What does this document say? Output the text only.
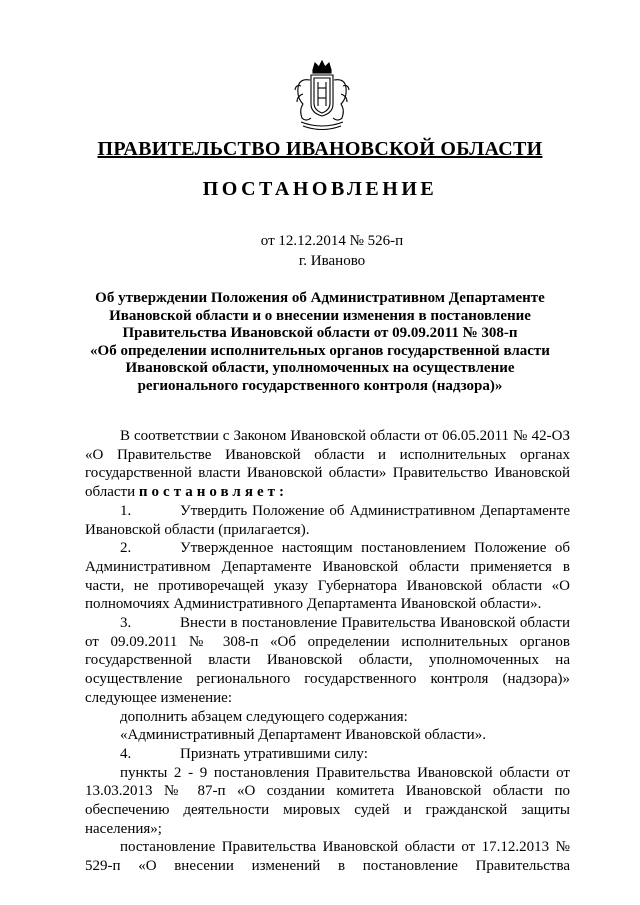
ПРАВИТЕЛЬСТВО ИВАНОВСКОЙ ОБЛАСТИ
ПОСТАНОВЛЕНИЕ
от 12.12.2014 № 526-п
г. Иваново
Об утверждении Положения об Административном Департаменте
Ивановской области и о внесении изменения в постановление
Правительства Ивановской области от 09.09.2011 № 308-п
«Об определении исполнительных органов государственной власти
Ивановской области, уполномоченных на осуществление
регионального государственного контроля (надзора)»

В соответствии с Законом Ивановской области от 06.05.2011 № 42-ОЗ «О Правительстве Ивановской области и исполнительных органах государственной власти Ивановской области» Правительство Ивановской области постановляет:

1.	Утвердить Положение об Административном Департаменте Ивановской области (прилагается).

2.	Утвержденное настоящим постановлением Положение об Административном Департаменте Ивановской области применяется в части, не противоречащей указу Губернатора Ивановской области «О полномочиях Административного Департамента Ивановской области».

3.	Внести в постановление Правительства Ивановской области от 09.09.2011 № 308-п «Об определении исполнительных органов государственной власти Ивановской области, уполномоченных на осуществление регионального государственного контроля (надзора)» следующее изменение:

дополнить абзацем следующего содержания:

«Административный Департамент Ивановской области».

4.	Признать утратившими силу:

пункты 2 - 9 постановления Правительства Ивановской области от 13.03.2013 № 87-п «О создании комитета Ивановской области по обеспечению деятельности мировых судей и гражданской защиты населения»;

постановление Правительства Ивановской области от 17.12.2013 № 529-п «О внесении изменений в постановление Правительства
